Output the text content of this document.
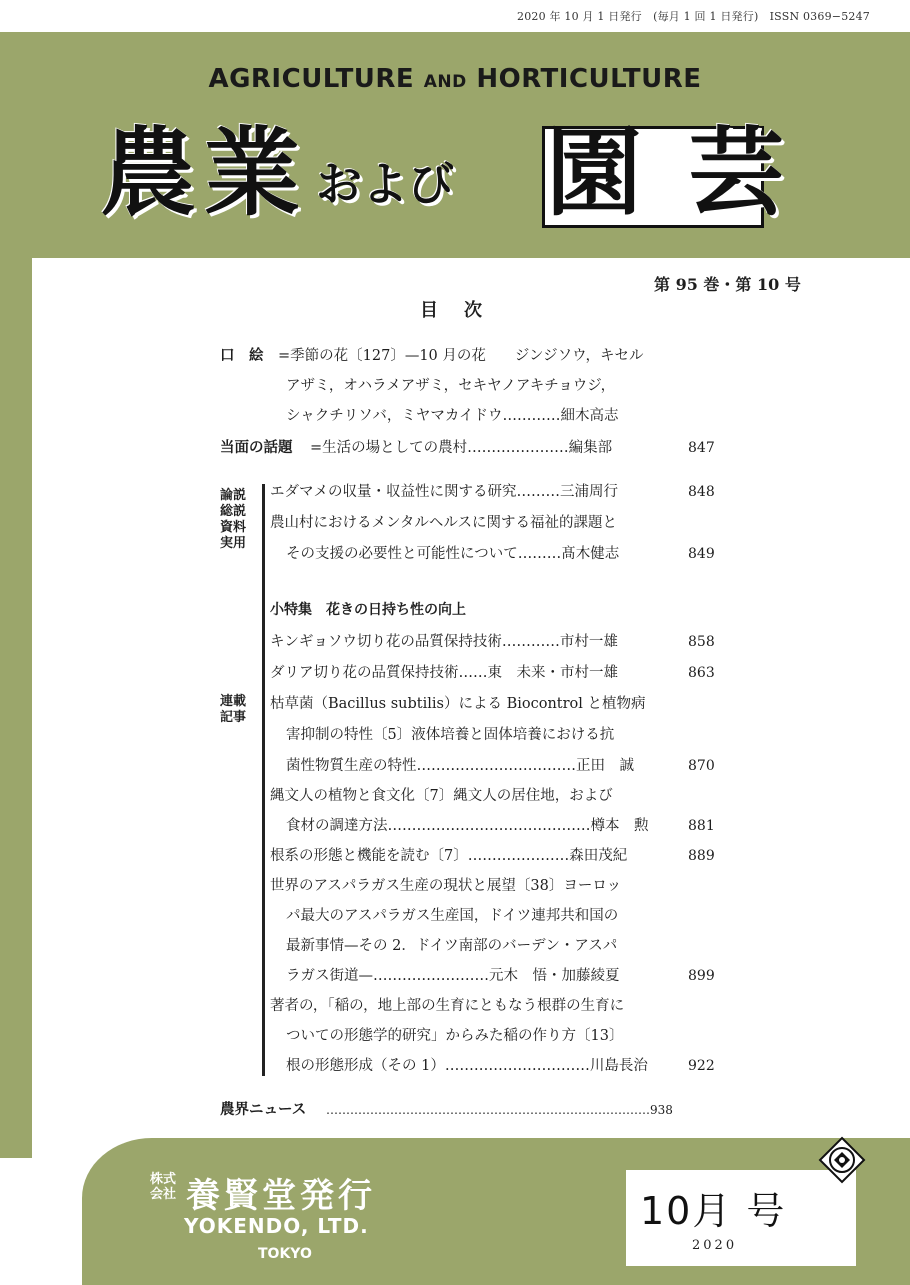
2020 年 10 月 1 日発行　(毎月 1 回 1 日発行)　ISSN 0369−5247
AGRICULTURE AND HORTICULTURE
農 業 および 園 芸
第 95 巻・第 10 号
目次
口　絵 =季節の花〔127〕—10 月の花　　ジンジソウ，キセル
アザミ，オハラメアザミ，セキヤノアキチョウジ，
シャクチリソバ，ミヤマカイドウ…………細木高志
当面の話題 =生活の場としての農村…………………編集部	847
論説総説資料実用
連載記事
エダマメの収量・収益性に関する研究………三浦周行	848
農山村におけるメンタルヘルスに関する福祉的課題と
その支援の必要性と可能性について………髙木健志	849
小特集　花きの日持ち性の向上
キンギョソウ切り花の品質保持技術…………市村一雄	858
ダリア切り花の品質保持技術……東　未来・市村一雄	863
枯草菌（Bacillus subtilis）による Biocontrol と植物病
害抑制の特性〔5〕液体培養と固体培養における抗
菌性物質生産の特性……………………………正田　誠	870
縄文人の植物と食文化〔7〕縄文人の居住地，および
食材の調達方法……………………………………樽本　勲	881
根系の形態と機能を読む〔7〕…………………森田茂紀	889
世界のアスパラガス生産の現状と展望〔38〕ヨーロッ
パ最大のアスパラガス生産国，ドイツ連邦共和国の
最新事情—その 2．ドイツ南部のバーデン・アスパ
ラガス街道—……………………元木　悟・加藤綾夏	899
著者の，「稲の，地上部の生育にともなう根群の生育に
ついての形態学的研究」からみた稲の作り方〔13〕
根の形態形成（その 1）…………………………川島長治	922
農界ニュース ………………………………………………………………………938
株式会社 養賢堂発行
YOKENDO, LTD.
TOKYO
10月 号
2020
